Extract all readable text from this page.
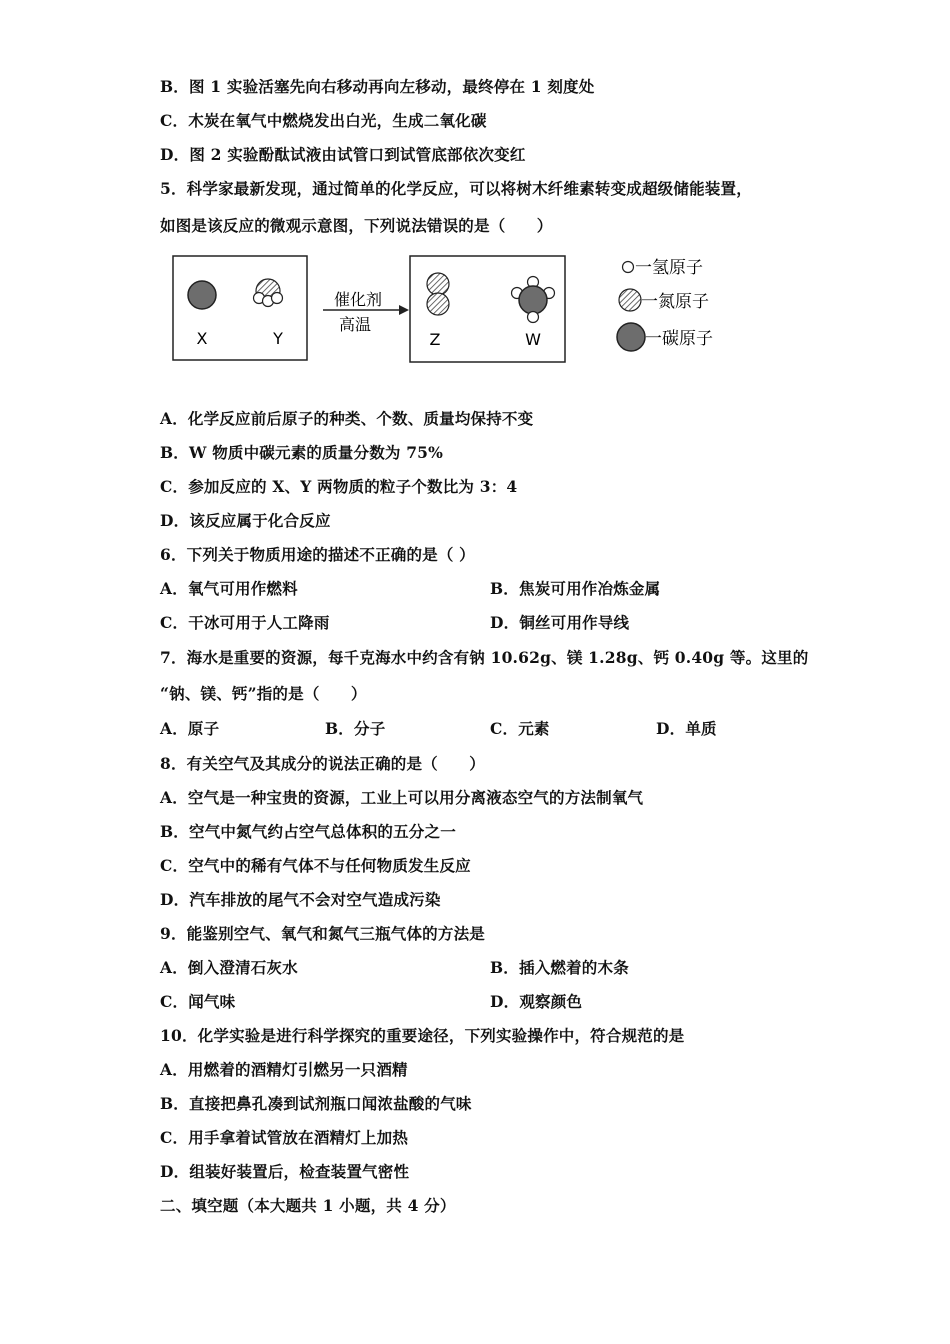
B．图 1 实验活塞先向右移动再向左移动，最终停在 1 刻度处
C．木炭在氧气中燃烧发出白光，生成二氧化碳
D．图 2 实验酚酞试液由试管口到试管底部依次变红
5．科学家最新发现，通过简单的化学反应，可以将树木纤维素转变成超级储能装置，
如图是该反应的微观示意图，下列说法错误的是（　　）
X	Y
催化剂
高温
Z	W
一氢原子
一氮原子
一碳原子
A．化学反应前后原子的种类、个数、质量均保持不变
B．W 物质中碳元素的质量分数为 75%
C．参加反应的 X、Y 两物质的粒子个数比为 3：4
D．该反应属于化合反应
6．下列关于物质用途的描述不正确的是（ ）
A．氧气可用作燃料	B．焦炭可用作冶炼金属
C．干冰可用于人工降雨	D．铜丝可用作导线
7．海水是重要的资源，每千克海水中约含有钠 10.62g、镁 1.28g、钙 0.40g 等。这里的
“钠、镁、钙”指的是（　　）
A．原子	B．分子	C．元素	D．单质
8．有关空气及其成分的说法正确的是（　　）
A．空气是一种宝贵的资源，工业上可以用分离液态空气的方法制氧气
B．空气中氮气约占空气总体积的五分之一
C．空气中的稀有气体不与任何物质发生反应
D．汽车排放的尾气不会对空气造成污染
9．能鉴别空气、氧气和氮气三瓶气体的方法是
A．倒入澄清石灰水	B．插入燃着的木条
C．闻气味	D．观察颜色
10．化学实验是进行科学探究的重要途径，下列实验操作中，符合规范的是
A．用燃着的酒精灯引燃另一只酒精
B．直接把鼻孔凑到试剂瓶口闻浓盐酸的气味
C．用手拿着试管放在酒精灯上加热
D．组装好装置后，检查装置气密性
二、填空题（本大题共 1 小题，共 4 分）
